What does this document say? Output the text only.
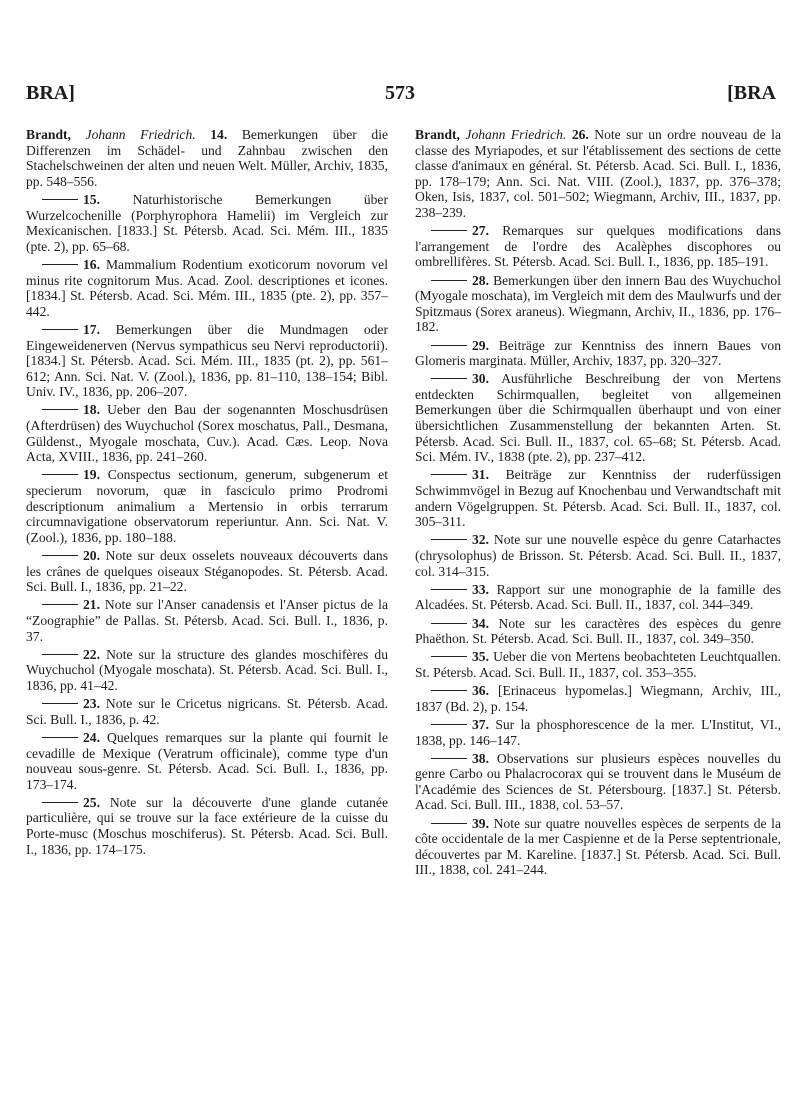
BRA]	573	[BRA

Brandt, Johann Friedrich. 14. Bemerkungen über die Differenzen im Schädel- und Zahnbau zwischen den Stachelschweinen der alten und neuen Welt. Müller, Archiv, 1835, pp. 548–556.

15. Naturhistorische Bemerkungen über Wurzelcochenille (Porphyrophora Hamelii) im Vergleich zur Mexicanischen. [1833.] St. Pétersb. Acad. Sci. Mém. III., 1835 (pte. 2), pp. 65–68.

16. Mammalium Rodentium exoticorum novorum vel minus rite cognitorum Mus. Acad. Zool. descriptiones et icones. [1834.] St. Pétersb. Acad. Sci. Mém. III., 1835 (pte. 2), pp. 357–442.

17. Bemerkungen über die Mundmagen oder Eingeweidenerven (Nervus sympathicus seu Nervi reproductorii). [1834.] St. Pétersb. Acad. Sci. Mém. III., 1835 (pt. 2), pp. 561–612; Ann. Sci. Nat. V. (Zool.), 1836, pp. 81–110, 138–154; Bibl. Univ. IV., 1836, pp. 206–207.

18. Ueber den Bau der sogenannten Moschusdrüsen (Afterdrüsen) des Wuychuchol (Sorex moschatus, Pall., Desmana, Güldenst., Myogale moschata, Cuv.). Acad. Cæs. Leop. Nova Acta, XVIII., 1836, pp. 241–260.

19. Conspectus sectionum, generum, subgenerum et specierum novorum, quæ in fasciculo primo Prodromi descriptionum animalium a Mertensio in orbis terrarum circumnavigatione observatorum reperiuntur. Ann. Sci. Nat. V. (Zool.), 1836, pp. 180–188.

20. Note sur deux osselets nouveaux découverts dans les crânes de quelques oiseaux Stéganopodes. St. Pétersb. Acad. Sci. Bull. I., 1836, pp. 21–22.

21. Note sur l'Anser canadensis et l'Anser pictus de la “Zoographie” de Pallas. St. Pétersb. Acad. Sci. Bull. I., 1836, p. 37.

22. Note sur la structure des glandes moschifères du Wuychuchol (Myogale moschata). St. Pétersb. Acad. Sci. Bull. I., 1836, pp. 41–42.

23. Note sur le Cricetus nigricans. St. Pétersb. Acad. Sci. Bull. I., 1836, p. 42.

24. Quelques remarques sur la plante qui fournit le cevadille de Mexique (Veratrum officinale), comme type d'un nouveau sous-genre. St. Pétersb. Acad. Sci. Bull. I., 1836, pp. 173–174.

25. Note sur la découverte d'une glande cutanée particulière, qui se trouve sur la face extérieure de la cuisse du Porte-musc (Moschus moschiferus). St. Pétersb. Acad. Sci. Bull. I., 1836, pp. 174–175.

Brandt, Johann Friedrich. 26. Note sur un ordre nouveau de la classe des Myriapodes, et sur l'établissement des sections de cette classe d'animaux en général. St. Pétersb. Acad. Sci. Bull. I., 1836, pp. 178–179; Ann. Sci. Nat. VIII. (Zool.), 1837, pp. 376–378; Oken, Isis, 1837, col. 501–502; Wiegmann, Archiv, III., 1837, pp. 238–239.

27. Remarques sur quelques modifications dans l'arrangement de l'ordre des Acalèphes discophores ou ombrellifères. St. Pétersb. Acad. Sci. Bull. I., 1836, pp. 185–191.

28. Bemerkungen über den innern Bau des Wuychuchol (Myogale moschata), im Vergleich mit dem des Maulwurfs und der Spitzmaus (Sorex araneus). Wiegmann, Archiv, II., 1836, pp. 176–182.

29. Beiträge zur Kenntniss des innern Baues von Glomeris marginata. Müller, Archiv, 1837, pp. 320–327.

30. Ausführliche Beschreibung der von Mertens entdeckten Schirmquallen, begleitet von allgemeinen Bemerkungen über die Schirmquallen überhaupt und von einer übersichtlichen Zusammenstellung der bekannten Arten. St. Pétersb. Acad. Sci. Bull. II., 1837, col. 65–68; St. Pétersb. Acad. Sci. Mém. IV., 1838 (pte. 2), pp. 237–412.

31. Beiträge zur Kenntniss der ruderfüssigen Schwimmvögel in Bezug auf Knochenbau und Verwandtschaft mit andern Vögelgruppen. St. Pétersb. Acad. Sci. Bull. II., 1837, col. 305–311.

32. Note sur une nouvelle espèce du genre Catarhactes (chrysolophus) de Brisson. St. Pétersb. Acad. Sci. Bull. II., 1837, col. 314–315.

33. Rapport sur une monographie de la famille des Alcadées. St. Pétersb. Acad. Sci. Bull. II., 1837, col. 344–349.

34. Note sur les caractères des espèces du genre Phaëthon. St. Pétersb. Acad. Sci. Bull. II., 1837, col. 349–350.

35. Ueber die von Mertens beobachteten Leuchtquallen. St. Pétersb. Acad. Sci. Bull. II., 1837, col. 353–355.

36. [Erinaceus hypomelas.] Wiegmann, Archiv, III., 1837 (Bd. 2), p. 154.

37. Sur la phosphorescence de la mer. L'Institut, VI., 1838, pp. 146–147.

38. Observations sur plusieurs espèces nouvelles du genre Carbo ou Phalacrocorax qui se trouvent dans le Muséum de l'Académie des Sciences de St. Pétersbourg. [1837.] St. Pétersb. Acad. Sci. Bull. III., 1838, col. 53–57.

39. Note sur quatre nouvelles espèces de serpents de la côte occidentale de la mer Caspienne et de la Perse septentrionale, découvertes par M. Kareline. [1837.] St. Pétersb. Acad. Sci. Bull. III., 1838, col. 241–244.
